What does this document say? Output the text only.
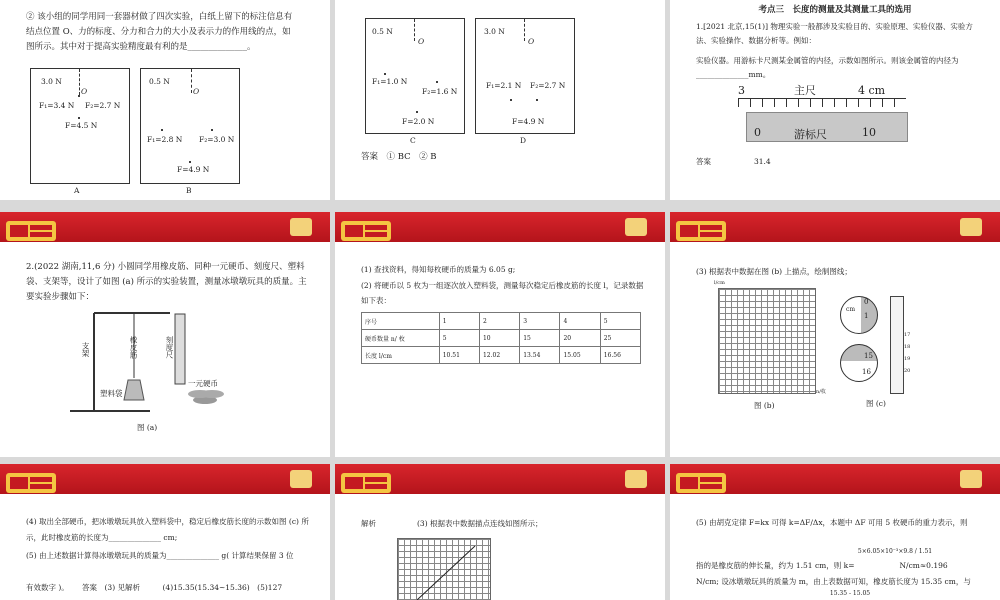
② 该小组的同学用同一套器材做了四次实验，白纸上留下的标注信息有结点位置 O、力的标度、分力和合力的大小及表示力的作用线的点，如图所示。其中对于提高实验精度最有利的是______________。
3.0 N
O
F₁=3.4 N F₂=2.7 N
F=4.5 N
A
0.5 N
O
F₁=2.8 N F₂=3.0 N
F=4.9 N
B
0.5 N
O
F₁=1.0 N
F₂=1.6 N
F=2.0 N
C
3.0 N
O
F₁=2.1 N F₂=2.7 N
F=4.9 N
D
答案　① BC　② B
考点三　长度的测量及其测量工具的选用
1.[2021 北京,15(1)] 物理实验一般都涉及实验目的、实验原理、实验仪器、实验方法、实验操作、数据分析等。例如：
实验仪器。用游标卡尺测某金属管的内径，示数如图所示。则该金属管的内径为______________mm。
3	主尺	4 cm
0	游标尺	10
答案	31.4
2.(2022 湖南,11,6 分) 小圆同学用橡皮筋、同种一元硬币、刻度尺、塑料袋、支架等，设计了如图 (a) 所示的实验装置，测量冰墩墩玩具的质量。主要实验步骤如下：
支架	橡皮筋	刻度尺
塑料袋
一元硬币
图 (a)
(1) 查找资料，得知每枚硬币的质量为 6.05 g;
(2) 将硬币以 5 枚为一组逐次放入塑料袋，测量每次稳定后橡皮筋的长度 l，记录数据如下表：
序号	1	2	3	4	5
硬币数量 n/ 枚	5	10	15	20	25
长度 l/cm	10.51	12.02	13.54	15.05	16.56
(3) 根据表中数据在图 (b) 上描点，绘制图线；
l/cm
n/枚
图 (b)
0
cm
1
15
16
17
18
19
20
图 (c)
(4) 取出全部硬币，把冰墩墩玩具放入塑料袋中，稳定后橡皮筋长度的示数如图 (c) 所示，此时橡皮筋的长度为______________ cm;
(5) 由上述数据计算得冰墩墩玩具的质量为______________ g( 计算结果保留 3 位
有效数字 )。 答案　(3) 见解析　　　(4)15.35(15.34~15.36)　(5)127
解析	(3) 根据表中数据描点连线如图所示；	(5) 由胡克定律 F=kx 可得 k=ΔF/Δx，本题中 ΔF 可用 5 枚硬币的重力表示，则
5×6.05×10⁻³×9.8 / 1.51
指的是橡皮筋的伸长量，约为 1.51 cm，则 k=　　　　　　N/cm≈0.196
N/cm; 设冰墩墩玩具的质量为 m，由上表数据可知，橡皮筋长度为 15.35 cm，与
15.35 - 15.05
